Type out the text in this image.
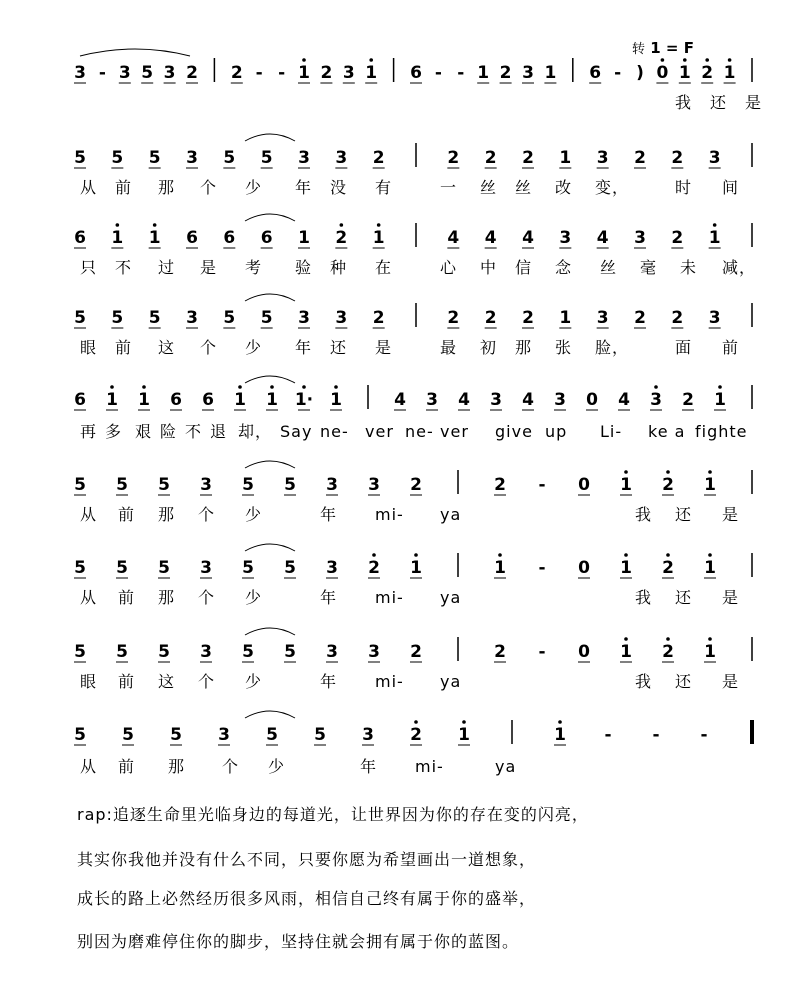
转 1 = F
3 - 3 5 3 2 2 - - 1 2 3 1 6 - - 1 2 3 1 6 - ) 0 1 2 1
我 还 是
5 5 5 3 5 5 3 3 2	2 2 2 1 3 2 2 3
从 前 那 个 少 年 没 有	一 丝 丝 改 变，	时 间
6 1 1 6 6 6 1 2 1	4 4 4 3 4 3 2 1
只 不 过 是 考 验 种 在	心 中 信 念 丝 毫 未 减，
5 5 5 3 5 5 3 3 2	2 2 2 1 3 2 2 3
眼 前 这 个 少 年 还 是	最 初 那 张 脸，	面 前
6 1 1 6 6 1 1 1· 1	4 3 4 3 4 3 0 4 3 2 1
再 多 艰 险 不 退 却， Say ne- ver ne- ver give up Li- ke a fighte
5 5 5 3 5 5 3 3 2	2 - 0 1 2 1
从 前 那 个 少	年 mi- ya	我 还 是
5 5 5 3 5 5 3 2 1	1 - 0 1 2 1
从 前 那 个 少	年 mi- ya	我 还 是
5 5 5 3 5 5 3 3 2	2 - 0 1 2 1
眼 前 这 个 少	年 mi- ya	我 还 是
5 5 5 3 5 5 3 2 1	1 - - -
从 前 那 个 少	年 mi-	ya
rap:追逐生命里光临身边的每道光，让世界因为你的存在变的闪亮，
其实你我他并没有什么不同，只要你愿为希望画出一道想象，
成长的路上必然经历很多风雨，相信自己终有属于你的盛举，
别因为磨难停住你的脚步，坚持住就会拥有属于你的蓝图。
